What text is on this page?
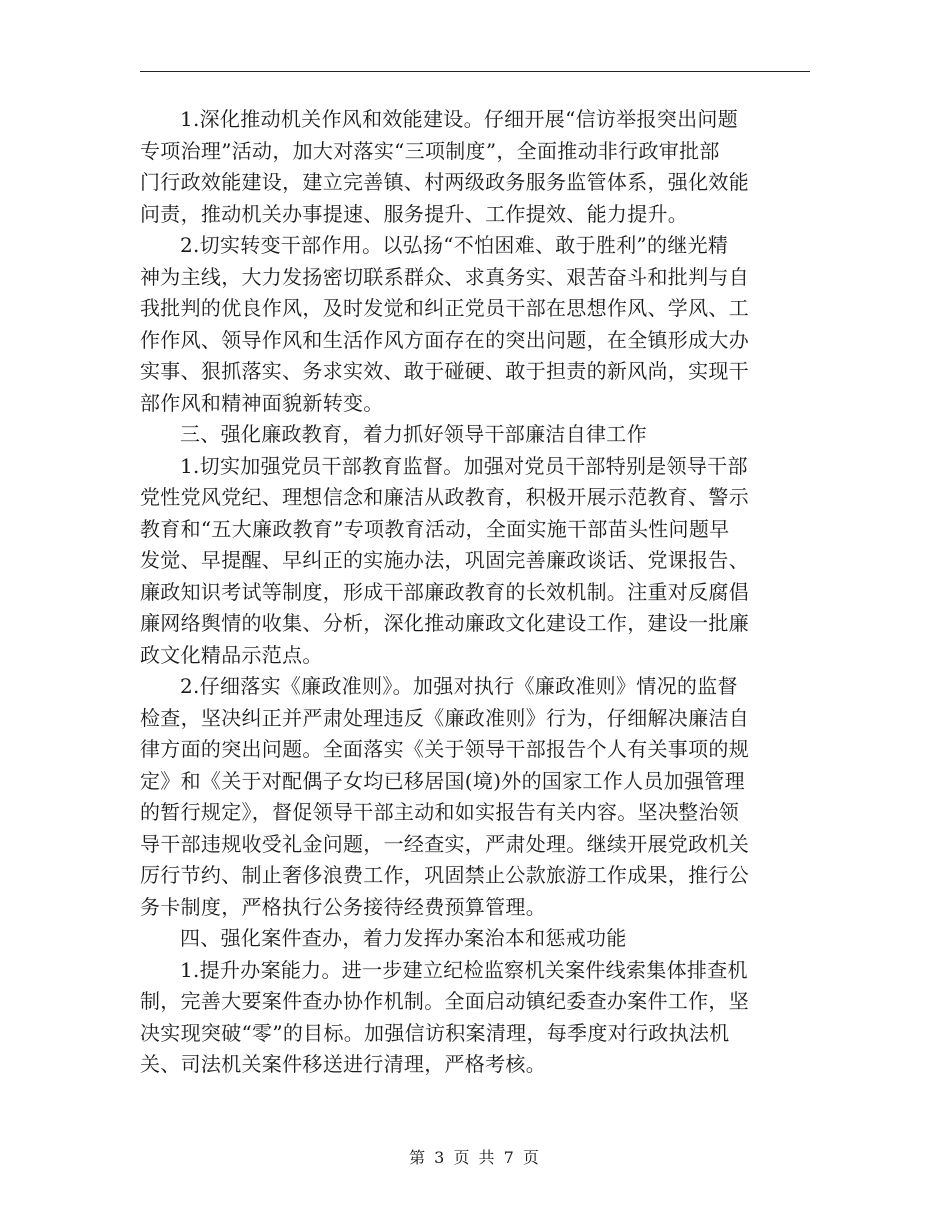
1.深化推动机关作风和效能建设。仔细开展“信访举报突出问题
专项治理”活动，加大对落实“三项制度”，全面推动非行政审批部
门行政效能建设，建立完善镇、村两级政务服务监管体系，强化效能
问责，推动机关办事提速、服务提升、工作提效、能力提升。
2.切实转变干部作用。以弘扬“不怕困难、敢于胜利”的继光精
神为主线，大力发扬密切联系群众、求真务实、艰苦奋斗和批判与自
我批判的优良作风，及时发觉和纠正党员干部在思想作风、学风、工
作作风、领导作风和生活作风方面存在的突出问题，在全镇形成大办
实事、狠抓落实、务求实效、敢于碰硬、敢于担责的新风尚，实现干
部作风和精神面貌新转变。
三、强化廉政教育，着力抓好领导干部廉洁自律工作
1.切实加强党员干部教育监督。加强对党员干部特别是领导干部
党性党风党纪、理想信念和廉洁从政教育，积极开展示范教育、警示
教育和“五大廉政教育”专项教育活动，全面实施干部苗头性问题早
发觉、早提醒、早纠正的实施办法，巩固完善廉政谈话、党课报告、
廉政知识考试等制度，形成干部廉政教育的长效机制。注重对反腐倡
廉网络舆情的收集、分析，深化推动廉政文化建设工作，建设一批廉
政文化精品示范点。
2.仔细落实《廉政准则》。加强对执行《廉政准则》情况的监督
检查，坚决纠正并严肃处理违反《廉政准则》行为，仔细解决廉洁自
律方面的突出问题。全面落实《关于领导干部报告个人有关事项的规
定》和《关于对配偶子女均已移居国(境)外的国家工作人员加强管理
的暂行规定》，督促领导干部主动和如实报告有关内容。坚决整治领
导干部违规收受礼金问题，一经查实，严肃处理。继续开展党政机关
厉行节约、制止奢侈浪费工作，巩固禁止公款旅游工作成果，推行公
务卡制度，严格执行公务接待经费预算管理。
四、强化案件查办，着力发挥办案治本和惩戒功能
1.提升办案能力。进一步建立纪检监察机关案件线索集体排查机
制，完善大要案件查办协作机制。全面启动镇纪委查办案件工作，坚
决实现突破“零”的目标。加强信访积案清理，每季度对行政执法机
关、司法机关案件移送进行清理，严格考核。
第 3 页 共 7 页
